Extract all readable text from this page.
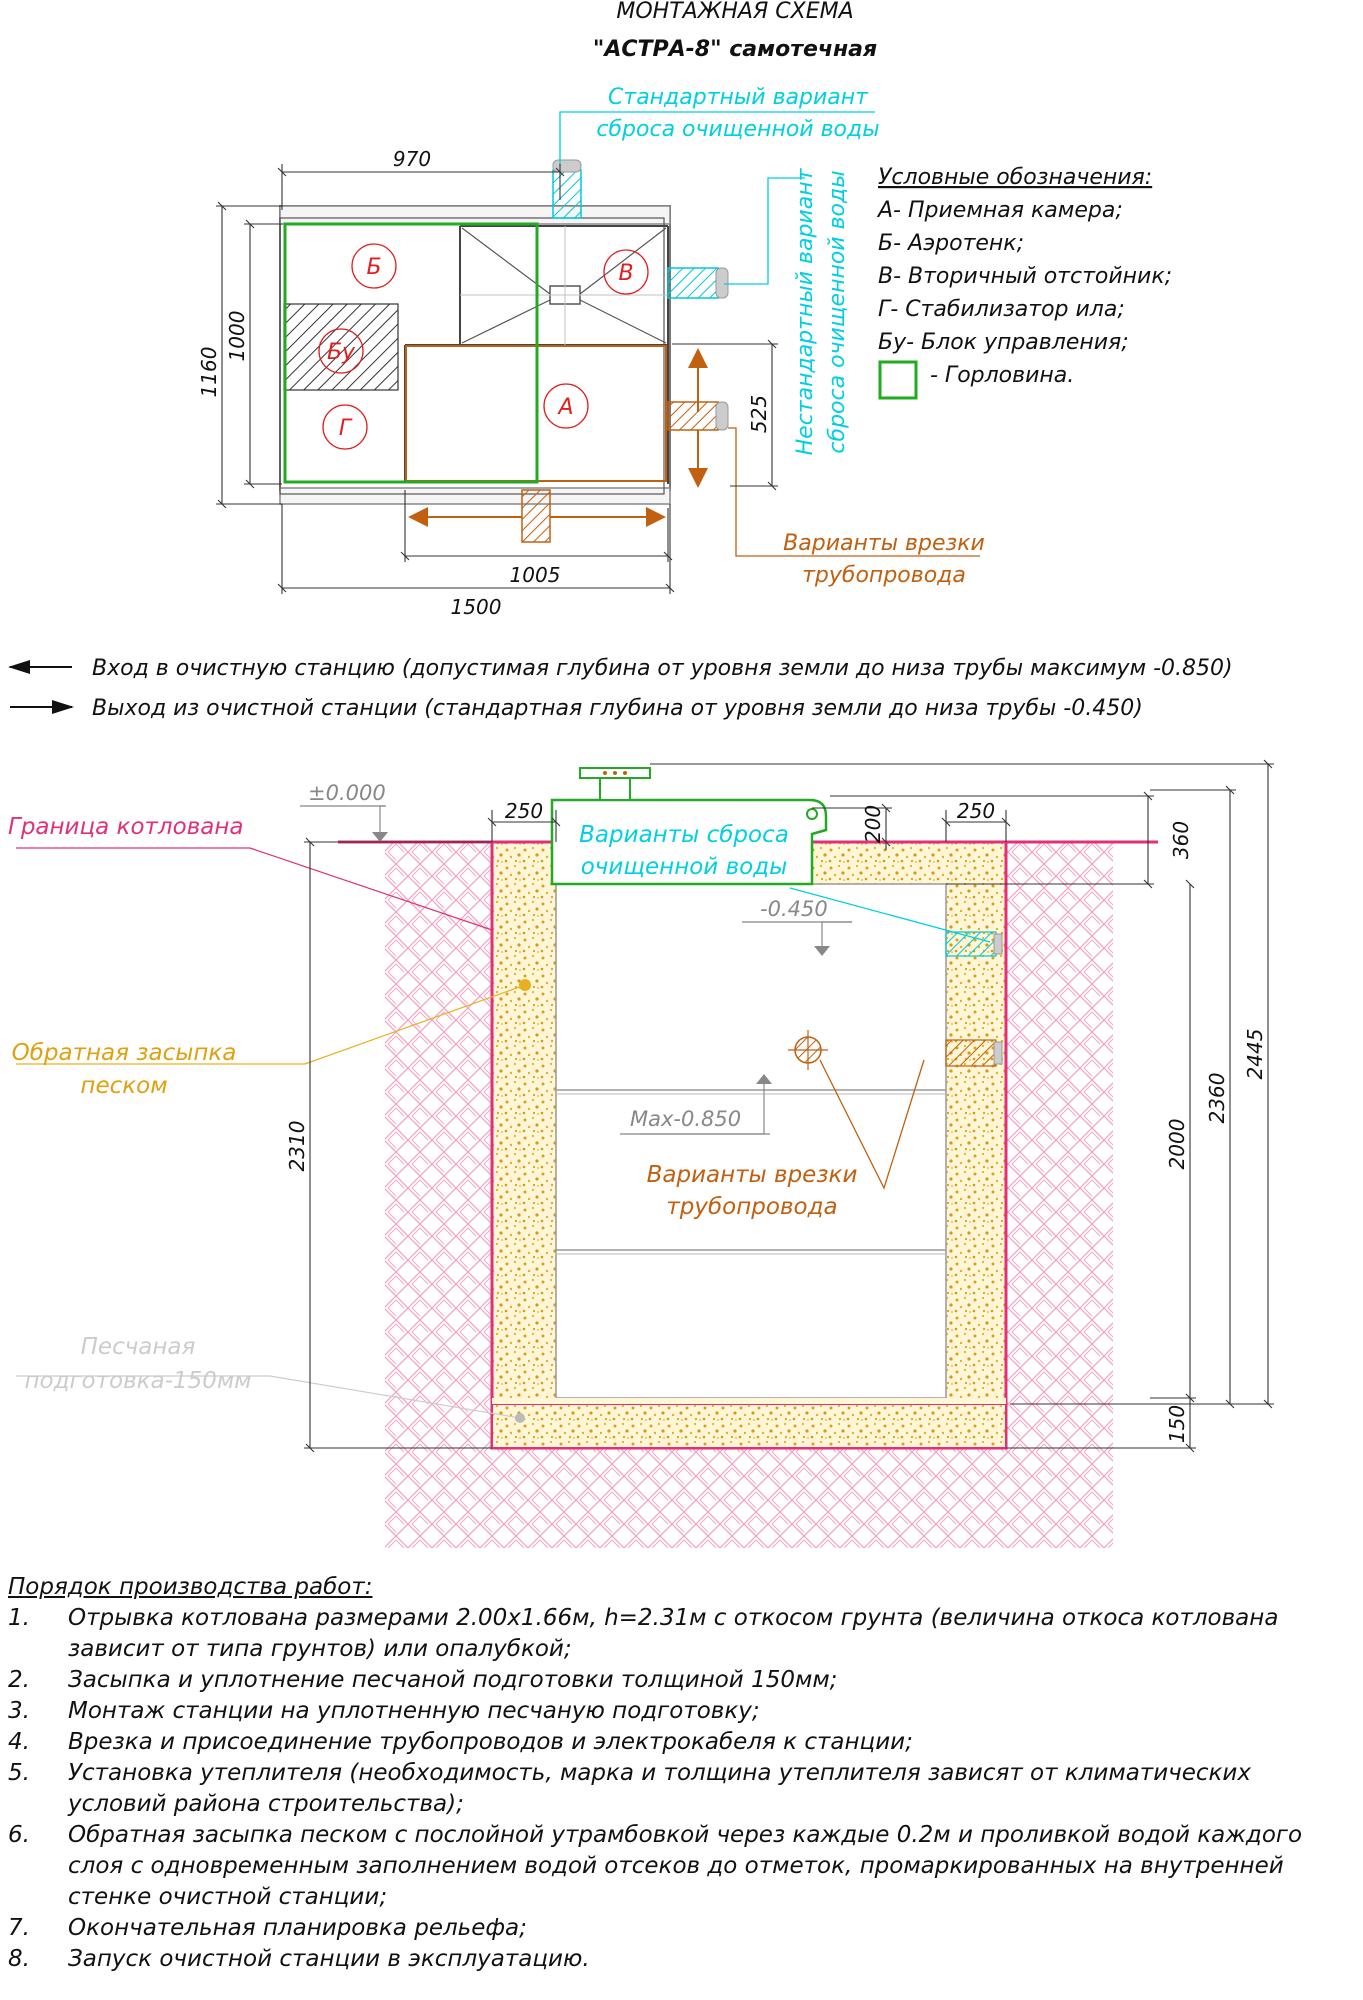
МОНТАЖНАЯ СХЕМА
"АСТРА-8" самотечная
Б	В
Бу
Г
А
970
1000
1160
525
1005
1500
Стандартный вариант
сброса очищенной воды
Нестандартный вариант сброса очищенной воды
Варианты врезки
трубопровода
Условные обозначения:
А- Приемная камера;
Б- Аэротенк;
В- Вторичный отстойник;
Г- Стабилизатор ила;
Бу- Блок управления;
- Горловина.
Вход в очистную станцию (допустимая глубина от уровня земли до низа трубы максимум -0.850)
Выход из очистной станции (стандартная глубина от уровня земли до низа трубы -0.450)
±0.000
-0.450
Max-0.850
250	250
200	360
2000
2360
2445
150
2310
Граница котлована
Обратная засыпка
песком
Песчаная
подготовка-150мм
Варианты сброса
очищенной воды
Варианты врезки
трубопровода
Порядок производства работ:
1.	Отрывка котлована размерами 2.00х1.66м, h=2.31м с откосом грунта (величина откоса котлована
зависит от типа грунтов) или опалубкой;
2.	Засыпка и уплотнение песчаной подготовки толщиной 150мм;
3.	Монтаж станции на уплотненную песчаную подготовку;
4.	Врезка и присоединение трубопроводов и электрокабеля к станции;
5.	Установка утеплителя (необходимость, марка и толщина утеплителя зависят от климатических
условий района строительства);
6.	Обратная засыпка песком с послойной утрамбовкой через каждые 0.2м и проливкой водой каждого
слоя с одновременным заполнением водой отсеков до отметок, промаркированных на внутренней
стенке очистной станции;
7.	Окончательная планировка рельефа;
8.	Запуск очистной станции в эксплуатацию.
